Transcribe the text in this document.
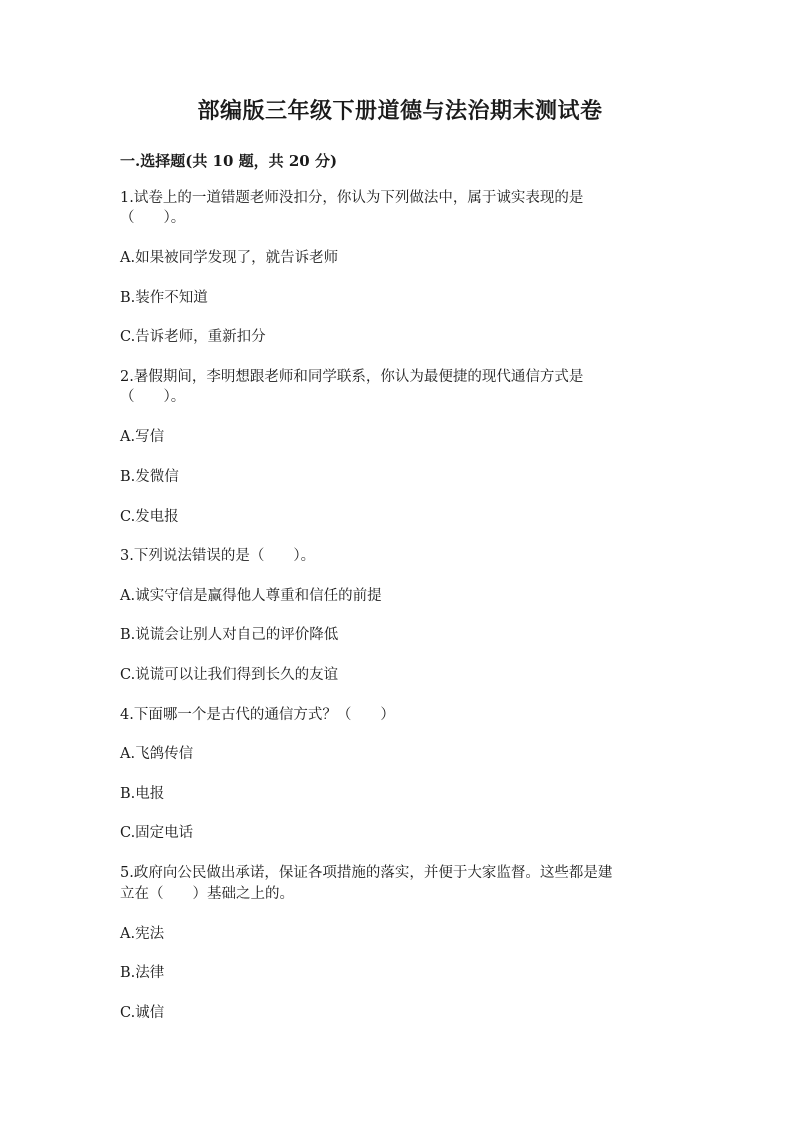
部编版三年级下册道德与法治期末测试卷
一.选择题(共 10 题，共 20 分)
1.试卷上的一道错题老师没扣分，你认为下列做法中，属于诚实表现的是
（　　）。
A.如果被同学发现了，就告诉老师
B.装作不知道
C.告诉老师，重新扣分
2.暑假期间，李明想跟老师和同学联系，你认为最便捷的现代通信方式是
（　　）。
A.写信
B.发微信
C.发电报
3.下列说法错误的是（　　）。
A.诚实守信是赢得他人尊重和信任的前提
B.说谎会让别人对自己的评价降低
C.说谎可以让我们得到长久的友谊
4.下面哪一个是古代的通信方式？（　　）
A.飞鸽传信
B.电报
C.固定电话
5.政府向公民做出承诺，保证各项措施的落实，并便于大家监督。这些都是建
立在（　　）基础之上的。
A.宪法
B.法律
C.诚信
